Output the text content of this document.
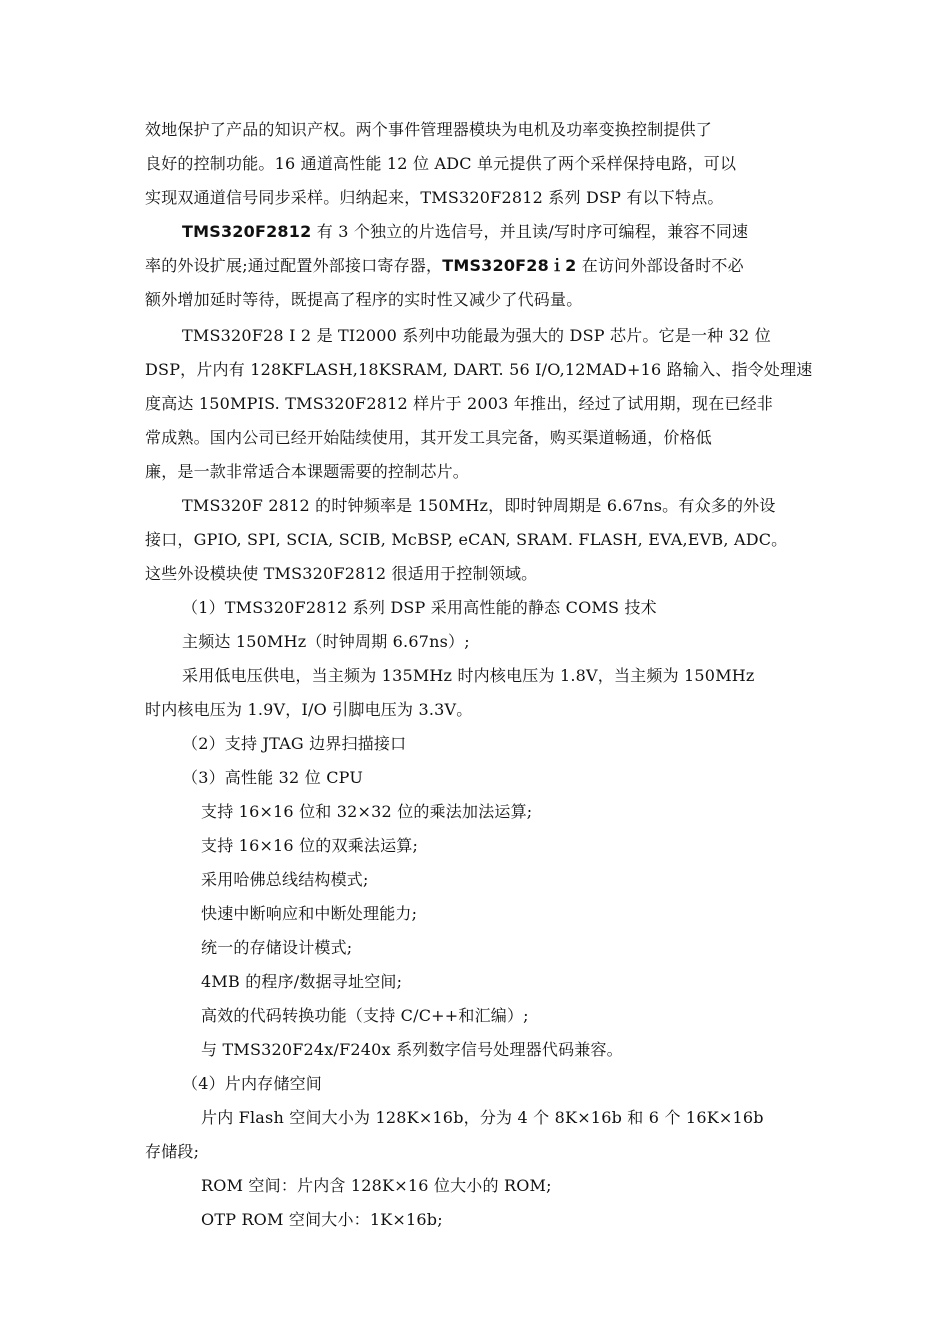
效地保护了产品的知识产权。两个事件管理器模块为电机及功率变换控制提供了
良好的控制功能。16 通道高性能 12 位 ADC 单元提供了两个采样保持电路，可以
实现双通道信号同步采样。归纳起来，TMS320F2812 系列 DSP 有以下特点。
TMS320F2812 有 3 个独立的片选信号，并且读/写时序可编程，兼容不同速
率的外设扩展;通过配置外部接口寄存器，TMS320F28ｉ2 在访问外部设备时不必
额外增加延时等待，既提高了程序的实时性又减少了代码量。
TMS320F28 I 2 是 TI2000 系列中功能最为强大的 DSP 芯片。它是一种 32 位
DSP，片内有 128KFLASH,18KSRAM, DART. 56 I/O,12MAD+16 路输入、指令处理速
度高达 150MPIS. TMS320F2812 样片于 2003 年推出，经过了试用期，现在已经非
常成熟。国内公司已经开始陆续使用，其开发工具完备，购买渠道畅通，价格低
廉，是一款非常适合本课题需要的控制芯片。
TMS320F 2812 的时钟频率是 150MHz，即时钟周期是 6.67ns。有众多的外设
接口，GPIO, SPI, SCIA, SCIB, McBSP, eCAN, SRAM. FLASH, EVA,EVB, ADC。
这些外设模块使 TMS320F2812 很适用于控制领域。
（1）TMS320F2812 系列 DSP 采用高性能的静态 COMS 技术
主频达 150MHz（时钟周期 6.67ns）;
采用低电压供电，当主频为 135MHz 时内核电压为 1.8V，当主频为 150MHz
时内核电压为 1.9V，I/O 引脚电压为 3.3V。
（2）支持 JTAG 边界扫描接口
（3）高性能 32 位 CPU
支持 16×16 位和 32×32 位的乘法加法运算;
支持 16×16 位的双乘法运算;
采用哈佛总线结构模式;
快速中断响应和中断处理能力;
统一的存储设计模式;
4MB 的程序/数据寻址空间;
高效的代码转换功能（支持 C/C++和汇编）;
与 TMS320F24x/F240x 系列数字信号处理器代码兼容。
（4）片内存储空间
片内 Flash 空间大小为 128K×16b，分为 4 个 8K×16b 和 6 个 16K×16b
存储段;
ROM 空间：片内含 128K×16 位大小的 ROM;
OTP ROM 空间大小：1K×16b;
